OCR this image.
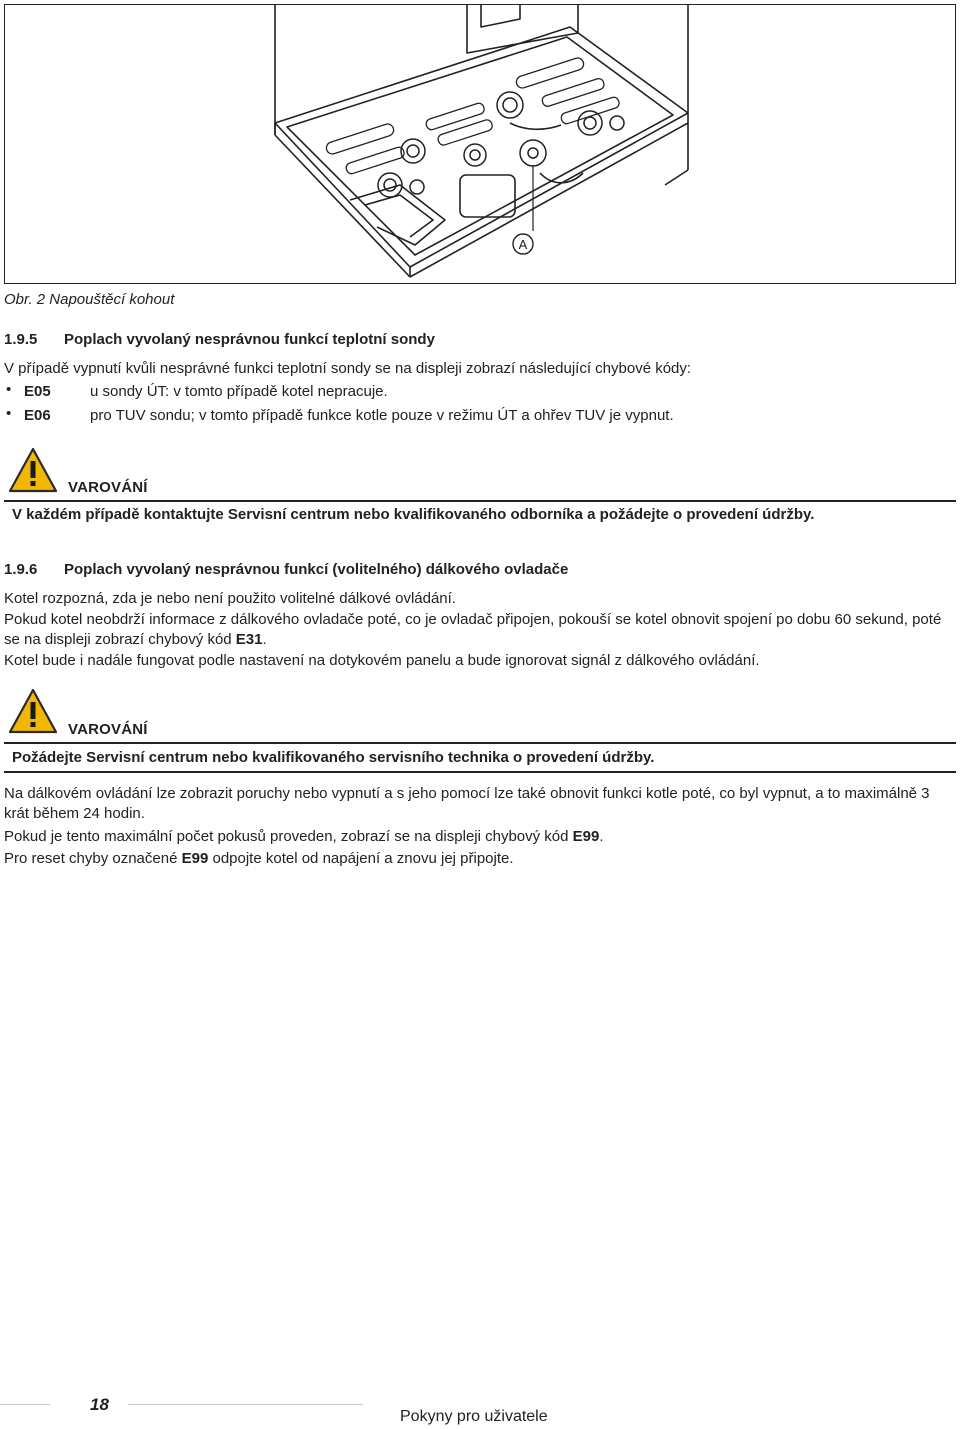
A
Obr. 2 Napouštěcí kohout
1.9.5 Poplach vyvolaný nesprávnou funkcí teplotní sondy
V případě vypnutí kvůli nesprávné funkci teplotní sondy se na displeji zobrazí následující chybové kódy:
• E05	u sondy ÚT: v tomto případě kotel nepracuje.
• E06	pro TUV sondu; v tomto případě funkce kotle pouze v režimu ÚT a ohřev TUV je vypnut.
VAROVÁNÍ
V každém případě kontaktujte Servisní centrum nebo kvalifikovaného odborníka a požádejte o provedení údržby.
1.9.6 Poplach vyvolaný nesprávnou funkcí (volitelného) dálkového ovladače
Kotel rozpozná, zda je nebo není použito volitelné dálkové ovládání.
Pokud kotel neobdrží informace z dálkového ovladače poté, co je ovladač připojen, pokouší se kotel obnovit spojení po dobu 60 sekund, poté
se na displeji zobrazí chybový kód E31.
Kotel bude i nadále fungovat podle nastavení na dotykovém panelu a bude ignorovat signál z dálkového ovládání.
VAROVÁNÍ
Požádejte Servisní centrum nebo kvalifikovaného servisního technika o provedení údržby.
Na dálkovém ovládání lze zobrazit poruchy nebo vypnutí a s jeho pomocí lze také obnovit funkci kotle poté, co byl vypnut, a to maximálně 3
krát během 24 hodin.
Pokud je tento maximální počet pokusů proveden, zobrazí se na displeji chybový kód E99.
Pro reset chyby označené E99 odpojte kotel od napájení a znovu jej připojte.
18
Pokyny pro uživatele
